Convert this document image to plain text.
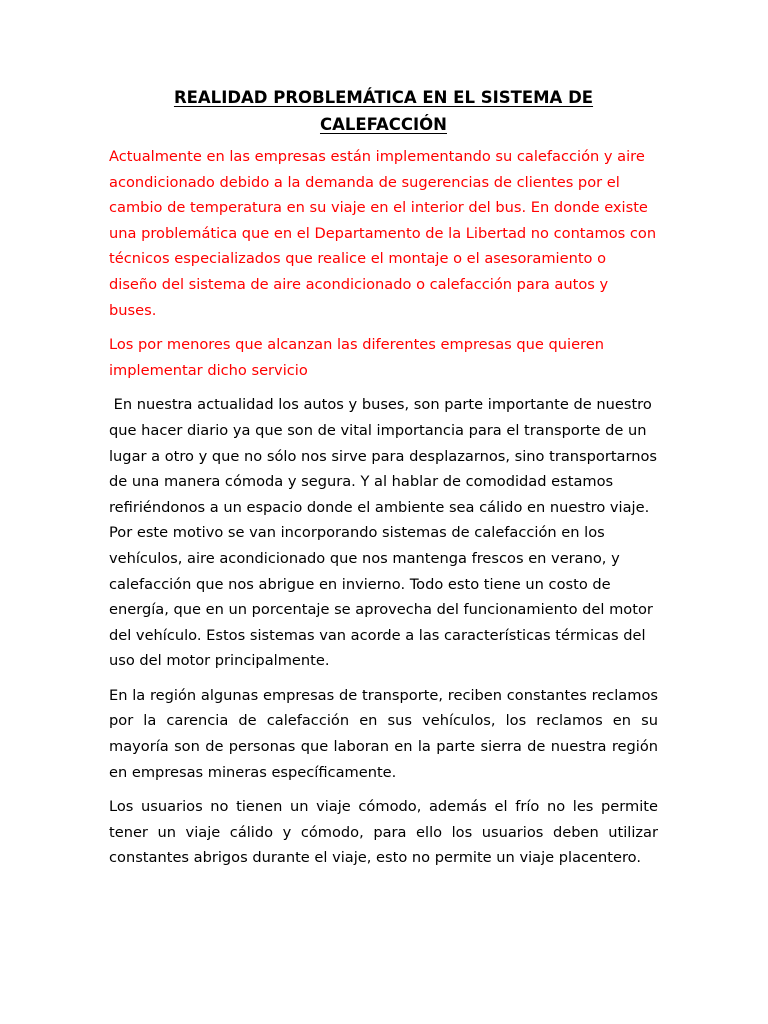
REALIDAD PROBLEMÁTICA EN EL SISTEMA DE
CALEFACCIÓN

Actualmente en las empresas están implementando su calefacción y aire acondicionado debido a la demanda de sugerencias de clientes por el cambio de temperatura en su viaje en el interior del bus. En donde existe una problemática que en el Departamento de la Libertad no contamos con técnicos especializados que realice el montaje o el asesoramiento o diseño del sistema de aire acondicionado o calefacción para autos y buses.

Los por menores que alcanzan las diferentes empresas que quieren implementar dicho servicio

En nuestra actualidad los autos y buses, son parte importante de nuestro que hacer diario ya que son de vital importancia para el transporte de un lugar a otro y que no sólo nos sirve para desplazarnos, sino transportarnos de una manera cómoda y segura. Y al hablar de comodidad estamos refiriéndonos a un espacio donde el ambiente sea cálido en nuestro viaje. Por este motivo se van incorporando sistemas de calefacción en los vehículos, aire acondicionado que nos mantenga frescos en verano, y calefacción que nos abrigue en invierno. Todo esto tiene un costo de energía, que en un porcentaje se aprovecha del funcionamiento del motor del vehículo. Estos sistemas van acorde a las características térmicas del uso del motor principalmente.

En la región algunas empresas de transporte, reciben constantes reclamos por la carencia de calefacción en sus vehículos, los reclamos en su mayoría son de personas que laboran en la parte sierra de nuestra región en empresas mineras específicamente.

Los usuarios no tienen un viaje cómodo, además el frío no les permite tener un viaje cálido y cómodo, para ello los usuarios deben utilizar constantes abrigos durante el viaje, esto no permite un viaje placentero.
